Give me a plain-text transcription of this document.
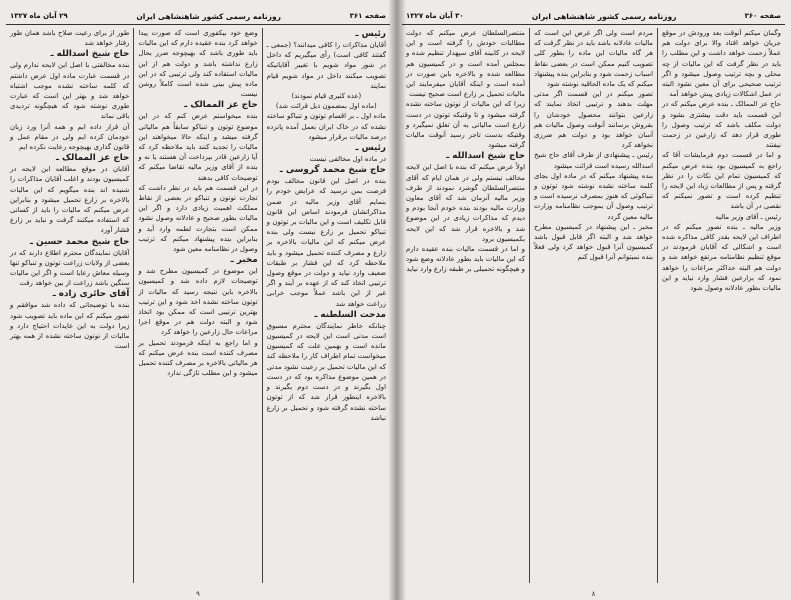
صفحه ۳۶۱
روزنامه رسمی کشور شاهنشاهی ایران
۲۹ آبان ماه ۱۳۲۷
رئیس ـ

آقایان مذاکرات را کافی میدانند؟ (جمعی ـ گفتند کافی است) رأی میگیریم که داخل در شور مواد شویم با تغییر آقایانیکه تصویب میکنند داخل در مواد شویم قیام نمایند

(عده کثیری قیام نمودند)

(ماده اول بمضمون ذیل قرائت شد)

ماده اول ـ بر اقسام توتون و تنباکو ساخته نشده که در خاک ایران بعمل آمده پانزده درصد مالیات برقرار میشود

رئیس ـ

در ماده اول مخالفی نیست

حاج شیخ محمد گروسی ـ

بنده در اصل این قانون مخالف بودم فرصت بمن نرسید که عرایض خودم را بنمایم آقای وزیر مالیه در ضمن مذاکراتشان فرمودند اساس این قانون قابل تکلیف است و این مالیات بر توتون و تنباکو تحمیل بر زارع نیست ولی بنده عرض میکنم که این مالیات بالاخره بر زارع و مصرف کننده تحمیل میشود و باید ملاحظه کرد که این فشار بر طبقات ضعیف وارد نیاید و دولت در موقع وصول ترتیبی اتخاذ کند که از عهده بر آیند و اگر غیر از این باشد عملاً موجب خرابی زراعت خواهد شد

مدحت السلطنه ـ

چنانکه خاطر نمایندگان محترم مسبوق است مدتی است این لایحه در کمیسیون مانده است و بهمین علت که کمیسیون میخواست تمام اطراف کار را ملاحظه کند که این مالیات تحمیل بر رعیت نشود مدتی در همین موضوع مذاکره بود که در دست اول بگیرند و در دست دوم بگیرند و بالاخره اینطور قرار شد که از توتون ساخته نشده گرفته شود و تحمیل بر زارع نباشد

وضع خود بیکفوری است که صورت پیدا خواهد کرد بنده عقیده دارم که این مالیات باید طوری باشد که بهیچوجه ضرر بحال زارع نداشته باشد و دولت هم از این مالیات استفاده کند ولی ترتیبی که در این ماده پیش بینی شده است کاملاً روشن نیست

حاج عز الممالک ـ

بنده میخواستم عرض کنم که در این موضوع توتون و تنباکو سابقاً هم مالیاتی گرفته میشد و اینکه حالا میخواهند این مالیات را تجدید کنند باید ملاحظه کرد که آیا زارعین قادر بپرداخت آن هستند یا نه و بنده از آقای وزیر مالیه تقاضا میکنم که توضیحات کافی بدهند

در این قسمت هم باید در نظر داشت که تجارت توتون و تنباکو در بعضی از نقاط مملکت اهمیت زیادی دارد و اگر این مالیات بطور صحیح و عادلانه وصول نشود ممکن است بتجارت لطمه وارد آید و بنابراین بنده پیشنهاد میکنم که ترتیب وصول در نظامنامه معین شود

مخبر ـ

این موضوع در کمیسیون مطرح شد و توضیحات لازم داده شد و کمیسیون بالاخره باین نتیجه رسید که مالیات از توتون ساخته نشده اخذ شود و این ترتیب بهترین ترتیبی است که ممکن بود اتخاذ شود و البته دولت هم در موقع اجرا مراعات حال زارعین را خواهد کرد

و اما راجع به اینکه فرمودند تحمیل بر مصرف کننده است بنده عرض میکنم که هر مالیاتی بالاخره بر مصرف کننده تحمیل میشود و این مطلب تازگی ندارد

طور از برای رعیت صلاح باشد همان طور رفتار خواهد شد

حاج شیخ اسدالله ـ

بنده مخالفتی با اصل این لایحه ندارم ولی در قسمت عبارت ماده اول عرض داشتم که کلمه ساخته نشده موجب اشتباه خواهد شد و بهتر این است که عبارت طوری نوشته شود که هیچگونه تردیدی باقی نماند

آن قرار داده ایم و همه آنرا ورد زبان خودمان کرده ایم ولی در مقام عمل و قانون گذاری بهیچوجه رعایت نکرده ایم

حاج عز الممالک ـ

آقایان در موقع مطالعه این لایحه در کمیسیون بودند و اغلب آقایان مذاکرات را شنیده اند بنده میگویم که این مالیات بالاخره بر زارع تحمیل میشود و بنابراین عرض میکنم که مالیات را باید از کسانی که استفاده میکنند گرفت و نباید بر زارع فشار آورد

حاج شیخ محمد حسین ـ

آقایان نمایندگان محترم اطلاع دارند که در بعضی از ولایات زراعت توتون و تنباکو تنها وسیله معاش رعایا است و اگر این مالیات سنگین باشد زراعت از بین خواهد رفت

آقای حائری زاده ـ

بنده با توضیحاتی که داده شد موافقم و تصور میکنم که این ماده باید تصویب شود زیرا دولت به این عایدات احتیاج دارد و مالیات از توتون ساخته نشده از همه بهتر است

۹
صفحه ۳۶۰
روزنامه رسمی کشور شاهنشاهی ایران
۳۰ آبان ماه ۱۳۲۷

وگمان میکنم آنوقت بعد ورودش در موقع جریان خواهد افتاد والا برای دولت هم عملاً زحمت خواهد داشت و این مطلب را باید در نظر گرفت که این مالیات از چه محلی و بچه ترتیب وصول میشود و اگر ترتیب صحیحی برای آن معین نشود البته در عمل اشکالات زیادی پیش خواهد آمد

حاج عز الممالک ـ بنده عرض میکنم که در این قسمت باید دقت بیشتری بشود و دولت مکلف باشد که ترتیب وصول را طوری قرار دهد که زارعین در زحمت نیفتند

و اما در قسمت دوم فرمایشات آقا که راجع به کمیسیون بود بنده عرض میکنم که کمیسیون تمام این نکات را در نظر گرفته و پس از مطالعات زیاد این لایحه را تنظیم کرده است و تصور نمیکنم که نقصی در آن باشد

رئیس ـ آقای وزیر مالیه

وزیر مالیه ـ بنده تصور میکنم که در اطراف این لایحه بقدر کافی مذاکره شده است و اشکالی که آقایان فرمودند در موقع تنظیم نظامنامه مرتفع خواهد شد و دولت هم البته حداکثر مراعات را خواهد نمود که بزارعین فشار وارد نیاید و این مالیات بطور عادلانه وصول شود

مردم است ولی اگر غرض این است که مالیات عادلانه باشد باید در نظر گرفت که هر گاه مالیات این ماده را بطور کلی تصویب کنیم ممکن است در بعضی نقاط اسباب زحمت شود و بنابراین بنده پیشنهاد میکنم که یک ماده الحاقیه نوشته شود

تصور میکنم در این قسمت اگر مدتی مهلت بدهند و ترتیبی اتخاذ نمایند که زارعین بتوانند محصول خودشان را بفروش برسانند آنوقت وصول مالیات هم آسان خواهد بود و دولت هم ضرری نخواهد کرد

رئیس ـ پیشنهادی از طرف آقای حاج شیخ اسدالله رسیده است قرائت میشود

بنده پیشنهاد میکنم که در ماده اول بجای کلمه ساخته نشده نوشته شود توتون و تنباکوئی که هنوز بمصرف نرسیده است و ترتیب وصول آن بموجب نظامنامه وزارت مالیه معین گردد

مخبر ـ این پیشنهاد در کمیسیون مطرح خواهد شد و البته اگر قابل قبول باشد کمیسیون آنرا قبول خواهد کرد ولی فعلاً بنده نمیتوانم آنرا قبول کنم

منتصرالسلطان عرض میکنم که دولت مطالبات خودش را گرفته است و این لایحه در کابینه آقای سپهدار تنظیم شده و بمجلس آمده است و در کمیسیون هم مطالعه شده و بالاخره باین صورت در آمده است و اینکه آقایان میفرمایند این مالیات تحمیل بر زارع است صحیح نیست

زیرا که این مالیات از توتون ساخته نشده گرفته میشود و تا وقتیکه توتون در دست زارع است مالیاتی به آن تعلق نمیگیرد و وقتیکه بدست تاجر رسید آنوقت مالیات گرفته میشود

حاج شیخ اسدالله ـ

اولاً عرض میکنم که بنده با اصل این لایحه مخالف نیستم ولی در همان ایام که آقای منتصرالسلطان گوشزد نمودند از طرف وزیر مالیه آنزمان شد که آقای معاون وزارت مالیه بودند بنده خودم آنجا بودم و دیدم که مذاکرات زیادی در این موضوع شد و بالاخره قرار شد که این لایحه بکمیسیون برود

و اما در قسمت مالیات بنده عقیده دارم که این مالیات باید بطور عادلانه وضع شود و هیچگونه تحمیلی بر طبقه زارع وارد نیاید

۸
